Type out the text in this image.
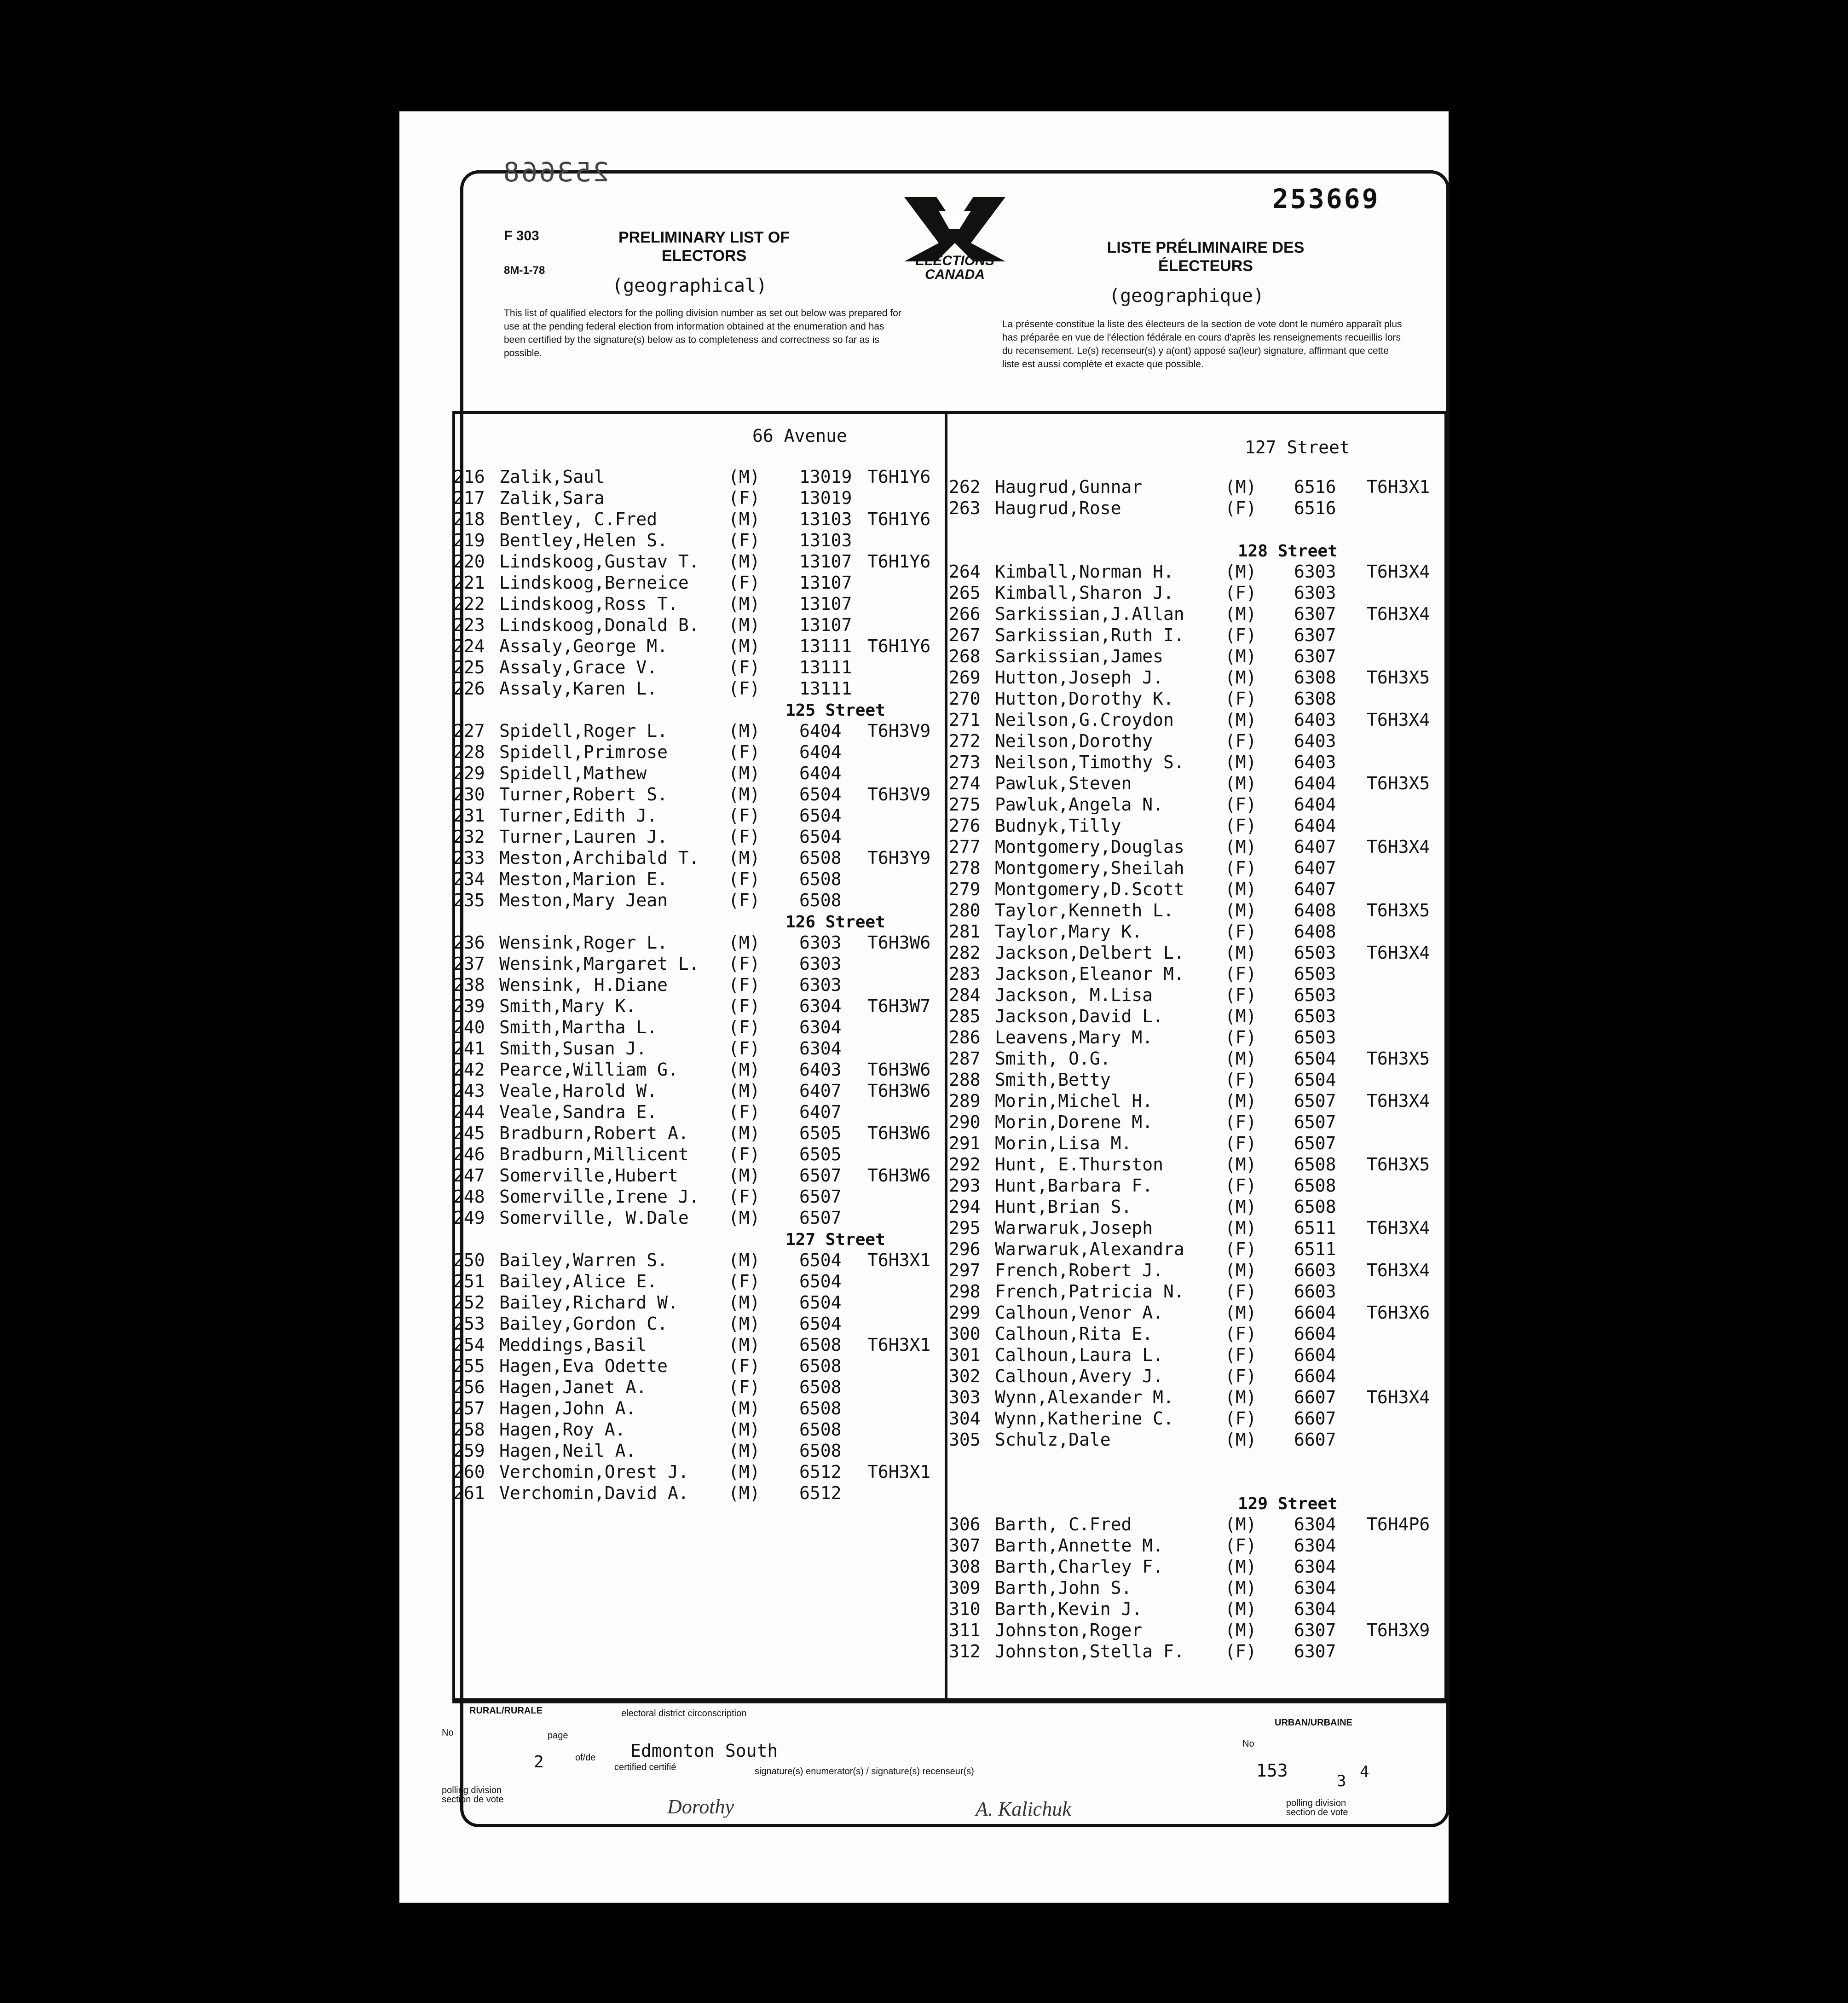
253668
253669
F 303
8M-1-78
PRELIMINARY LIST OF ELECTORS
(geographical)
ÉLECTIONS CANADA
LISTE PRÉLIMINAIRE DES ÉLECTEURS
(geographique)
This list of qualified electors for the polling division number as set out below was prepared for use at the pending federal election from information obtained at the enumeration and has been certified by the signature(s) below as to completeness and correctness so far as is possible.
La présente constitue la liste des électeurs de la section de vote dont le numéro apparaît plus has préparée en vue de l'élection fédérale en cours d'après les renseignements recueillis lors du recensement. Le(s) recenseur(s) y a(ont) apposé sa(leur) signature, affirmant que cette liste est aussi complète et exacte que possible.
66 Avenue
127 Street
216 Zalik,Saul	(M) 13019 T6H1Y6
217 Zalik,Sara	(F) 13019
218 Bentley, C.Fred	(M) 13103 T6H1Y6
219 Bentley,Helen S.	(F) 13103
220 Lindskoog,Gustav T. (M) 13107 T6H1Y6
221 Lindskoog,Berneice (F) 13107
222 Lindskoog,Ross T.	(M) 13107
223 Lindskoog,Donald B. (M) 13107
224 Assaly,George M.	(M) 13111 T6H1Y6
225 Assaly,Grace V.	(F) 13111
226 Assaly,Karen L.	(F) 13111
125 Street
227 Spidell,Roger L.	(M) 6404 T6H3V9
228 Spidell,Primrose	(F) 6404
229 Spidell,Mathew	(M) 6404
230 Turner,Robert S.	(M) 6504 T6H3V9
231 Turner,Edith J.	(F) 6504
232 Turner,Lauren J.	(F) 6504
233 Meston,Archibald T. (M) 6508 T6H3Y9
234 Meston,Marion E.	(F) 6508
235 Meston,Mary Jean	(F) 6508
126 Street
236 Wensink,Roger L.	(M) 6303 T6H3W6
237 Wensink,Margaret L. (F) 6303
238 Wensink, H.Diane	(F) 6303
239 Smith,Mary K.	(F) 6304 T6H3W7
240 Smith,Martha L.	(F) 6304
241 Smith,Susan J.	(F) 6304
242 Pearce,William G.	(M) 6403 T6H3W6
243 Veale,Harold W.	(M) 6407 T6H3W6
244 Veale,Sandra E.	(F) 6407
245 Bradburn,Robert A. (M) 6505 T6H3W6
246 Bradburn,Millicent (F) 6505
247 Somerville,Hubert	(M) 6507 T6H3W6
248 Somerville,Irene J. (F) 6507
249 Somerville, W.Dale (M) 6507
127 Street
250 Bailey,Warren S.	(M) 6504 T6H3X1
251 Bailey,Alice E.	(F) 6504
252 Bailey,Richard W.	(M) 6504
253 Bailey,Gordon C.	(M) 6504
254 Meddings,Basil	(M) 6508 T6H3X1
255 Hagen,Eva Odette	(F) 6508
256 Hagen,Janet A.	(F) 6508
257 Hagen,John A.	(M) 6508
258 Hagen,Roy A.	(M) 6508
259 Hagen,Neil A.	(M) 6508
260 Verchomin,Orest J. (M) 6512 T6H3X1
261 Verchomin,David A. (M) 6512
262 Haugrud,Gunnar	(M) 6516 T6H3X1
263 Haugrud,Rose	(F) 6516
128 Street
264 Kimball,Norman H.	(M) 6303 T6H3X4
265 Kimball,Sharon J.	(F) 6303
266 Sarkissian,J.Allan (M) 6307 T6H3X4
267 Sarkissian,Ruth I. (F) 6307
268 Sarkissian,James	(M) 6307
269 Hutton,Joseph J.	(M) 6308 T6H3X5
270 Hutton,Dorothy K.	(F) 6308
271 Neilson,G.Croydon	(M) 6403 T6H3X4
272 Neilson,Dorothy	(F) 6403
273 Neilson,Timothy S. (M) 6403
274 Pawluk,Steven	(M) 6404 T6H3X5
275 Pawluk,Angela N.	(F) 6404
276 Budnyk,Tilly	(F) 6404
277 Montgomery,Douglas (M) 6407 T6H3X4
278 Montgomery,Sheilah (F) 6407
279 Montgomery,D.Scott (M) 6407
280 Taylor,Kenneth L.	(M) 6408 T6H3X5
281 Taylor,Mary K.	(F) 6408
282 Jackson,Delbert L. (M) 6503 T6H3X4
283 Jackson,Eleanor M. (F) 6503
284 Jackson, M.Lisa	(F) 6503
285 Jackson,David L.	(M) 6503
286 Leavens,Mary M.	(F) 6503
287 Smith, O.G.	(M) 6504 T6H3X5
288 Smith,Betty	(F) 6504
289 Morin,Michel H.	(M) 6507 T6H3X4
290 Morin,Dorene M.	(F) 6507
291 Morin,Lisa M.	(F) 6507
292 Hunt, E.Thurston	(M) 6508 T6H3X5
293 Hunt,Barbara F.	(F) 6508
294 Hunt,Brian S.	(M) 6508
295 Warwaruk,Joseph	(M) 6511 T6H3X4
296 Warwaruk,Alexandra (F) 6511
297 French,Robert J.	(M) 6603 T6H3X4
298 French,Patricia N. (F) 6603
299 Calhoun,Venor A.	(M) 6604 T6H3X6
300 Calhoun,Rita E.	(F) 6604
301 Calhoun,Laura L.	(F) 6604
302 Calhoun,Avery J.	(F) 6604
303 Wynn,Alexander M.	(M) 6607 T6H3X4
304 Wynn,Katherine C.	(F) 6607
305 Schulz,Dale	(M) 6607
129 Street
306 Barth, C.Fred	(M) 6304 T6H4P6
307 Barth,Annette M.	(F) 6304
308 Barth,Charley F.	(M) 6304
309 Barth,John S.	(M) 6304
310 Barth,Kevin J.	(M) 6304
311 Johnston,Roger	(M) 6307 T6H3X9
312 Johnston,Stella F. (F) 6307
RURAL/RURALE
No	page
2	of/de
polling division section de vote
electoral district circonscription
Edmonton South
certified certifié	signature(s) enumerator(s) / signature(s) recenseur(s)
Dorothy	A. Kalichuk
URBAN/URBAINE
No
153
3 4
polling division section de vote
